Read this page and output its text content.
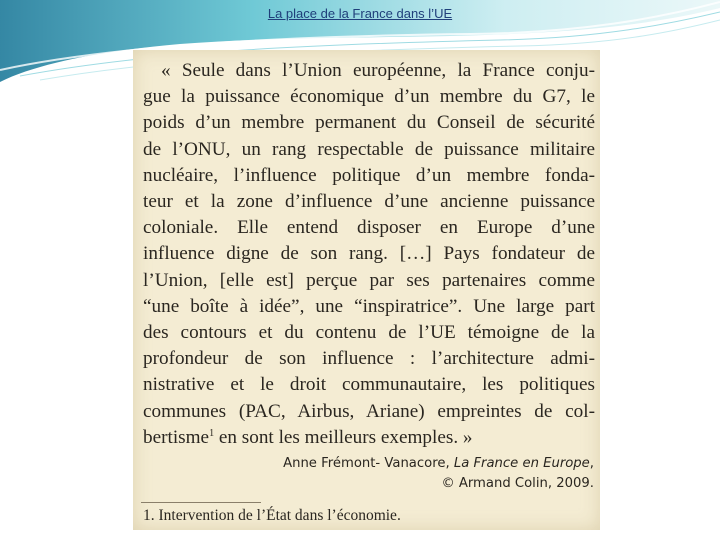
La place de la France dans l’UE
« Seule dans l’Union européenne, la France conju-
gue la puissance économique d’un membre du G7, le
poids d’un membre permanent du Conseil de sécurité
de l’ONU, un rang respectable de puissance militaire
nucléaire, l’influence politique d’un membre fonda-
teur et la zone d’influence d’une ancienne puissance
coloniale. Elle entend disposer en Europe d’une
influence digne de son rang. […] Pays fondateur de
l’Union, [elle est] perçue par ses partenaires comme
“une boîte à idée”, une “inspiratrice”. Une large part
des contours et du contenu de l’UE témoigne de la
profondeur de son influence : l’architecture admi-
nistrative et le droit communautaire, les politiques
communes (PAC, Airbus, Ariane) empreintes de col-
bertisme$^1$ en sont les meilleurs exemples. »
Anne Frémont- Vanacore, La France en Europe,
© Armand Colin, 2009.
1. Intervention de l’État dans l’économie.
